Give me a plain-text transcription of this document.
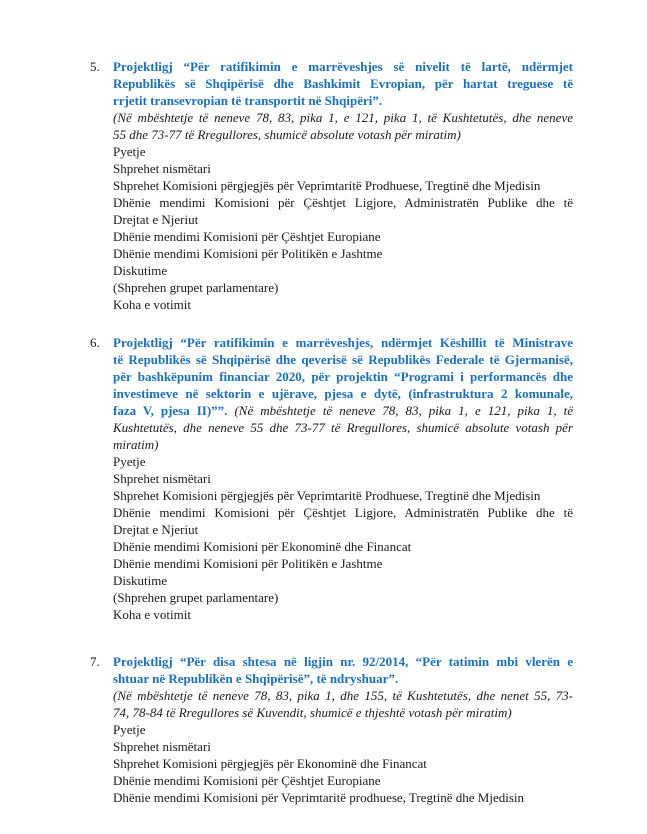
5.	Projektligj “Për ratifikimin e marrëveshjes së nivelit të lartë, ndërmjet
Republikës së Shqipërisë dhe Bashkimit Evropian, për hartat treguese të
rrjetit transevropian të transportit në Shqipëri”.
(Në mbështetje të neneve 78, 83, pika 1, e 121, pika 1, të Kushtetutës, dhe neneve
55 dhe 73-77 të Rregullores, shumicë absolute votash për miratim)
Pyetje
Shprehet nismëtari
Shprehet Komisioni përgjegjës për Veprimtaritë Prodhuese, Tregtinë dhe Mjedisin
Dhënie mendimi Komisioni për Çështjet Ligjore, Administratën Publike dhe të
Drejtat e Njeriut
Dhënie mendimi Komisioni për Çështjet Europiane
Dhënie mendimi Komisioni për Politikën e Jashtme
Diskutime
(Shprehen grupet parlamentare)
Koha e votimit
6.	Projektligj “Për ratifikimin e marrëveshjes, ndërmjet Këshillit të Ministrave
të Republikës së Shqipërisë dhe qeverisë së Republikës Federale të Gjermanisë,
për bashkëpunim financiar 2020, për projektin “Programi i performancës dhe
investimeve në sektorin e ujërave, pjesa e dytë, (infrastruktura 2 komunale,
faza V, pjesa II)””. (Në mbështetje të neneve 78, 83, pika 1, e 121, pika 1, të
Kushtetutës, dhe neneve 55 dhe 73-77 të Rregullores, shumicë absolute votash për
miratim)
Pyetje
Shprehet nismëtari
Shprehet Komisioni përgjegjës për Veprimtaritë Prodhuese, Tregtinë dhe Mjedisin
Dhënie mendimi Komisioni për Çështjet Ligjore, Administratën Publike dhe të
Drejtat e Njeriut
Dhënie mendimi Komisioni për Ekonominë dhe Financat
Dhënie mendimi Komisioni për Politikën e Jashtme
Diskutime
(Shprehen grupet parlamentare)
Koha e votimit
7.	Projektligj “Për disa shtesa në ligjin nr. 92/2014, “Për tatimin mbi vlerën e
shtuar në Republikën e Shqipërisë”, të ndryshuar”.
(Në mbështetje të neneve 78, 83, pika 1, dhe 155, të Kushtetutës, dhe nenet 55, 73-
74, 78-84 të Rregullores së Kuvendit, shumicë e thjeshtë votash për miratim)
Pyetje
Shprehet nismëtari
Shprehet Komisioni përgjegjës për Ekonominë dhe Financat
Dhënie mendimi Komisioni për Çështjet Europiane
Dhënie mendimi Komisioni për Veprimtaritë prodhuese, Tregtinë dhe Mjedisin
